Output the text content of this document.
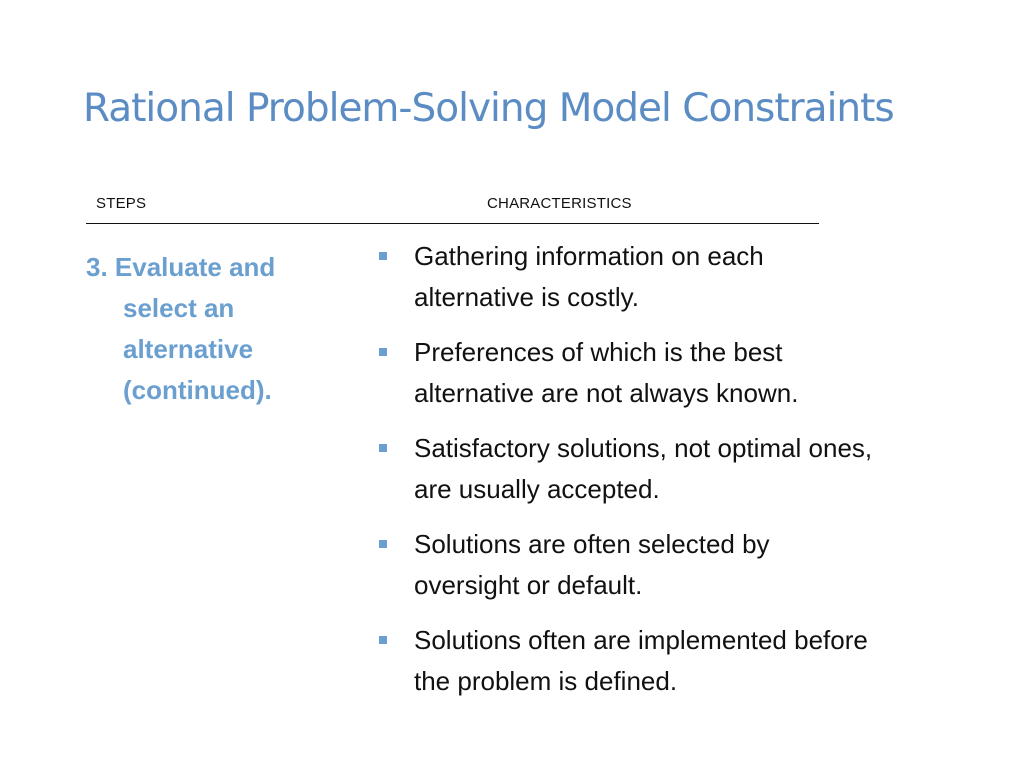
Rational Problem-Solving Model Constraints
STEPS	CHARACTERISTICS

3. Evaluate and
select an
alternative
(continued).

Gathering information on each
alternative is costly.
Preferences of which is the best
alternative are not always known.
Satisfactory solutions, not optimal ones,
are usually accepted.
Solutions are often selected by
oversight or default.
Solutions often are implemented before
the problem is defined.
